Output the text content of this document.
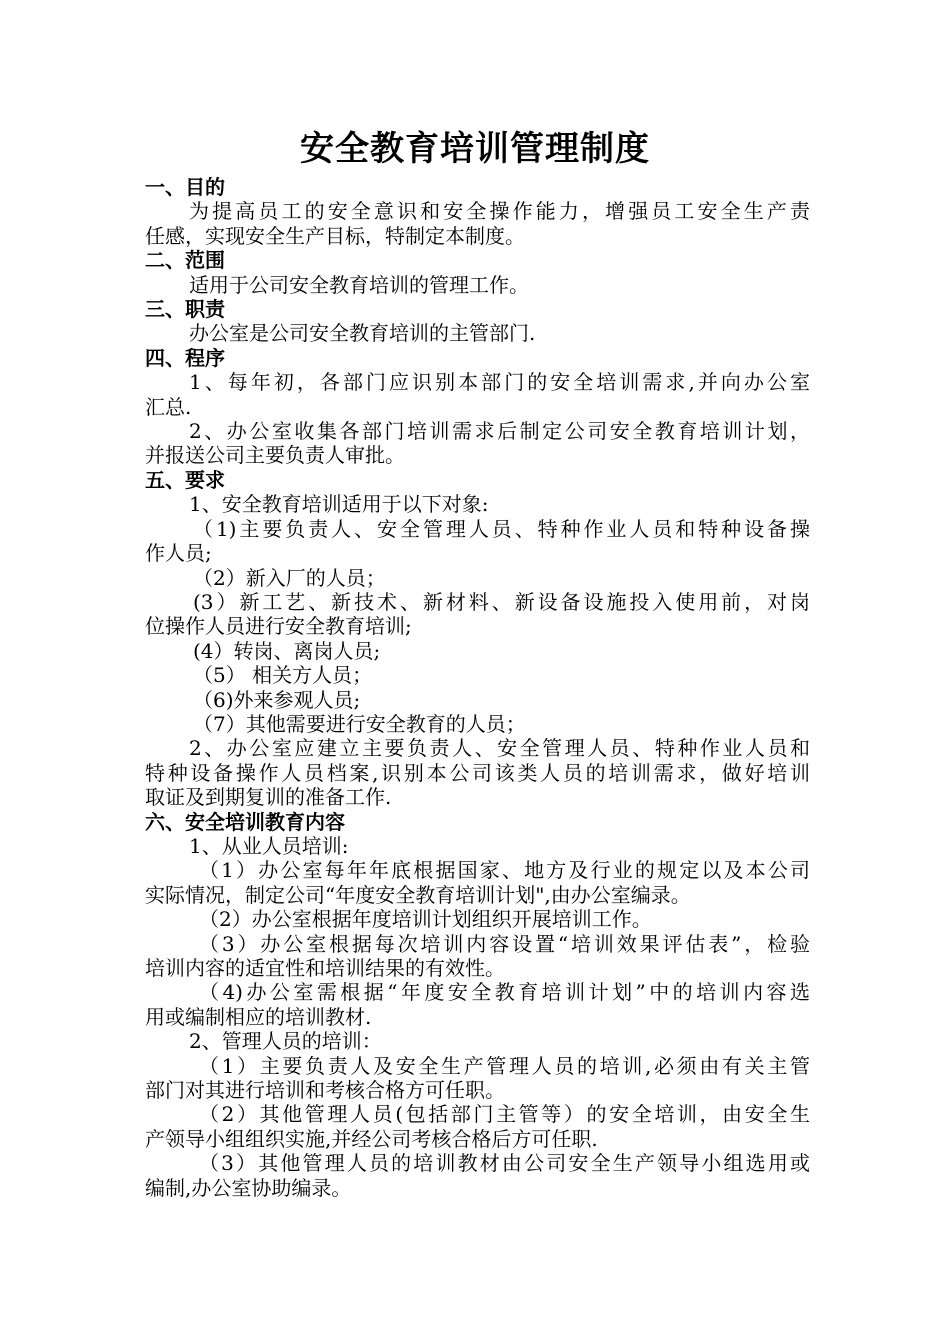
安全教育培训管理制度
一、目的
为提高员工的安全意识和安全操作能力，增强员工安全生产责
任感，实现安全生产目标，特制定本制度。
二、范围
适用于公司安全教育培训的管理工作。
三、职责
办公室是公司安全教育培训的主管部门.
四、程序
1、每年初，各部门应识别本部门的安全培训需求,并向办公室
汇总.
2、办公室收集各部门培训需求后制定公司安全教育培训计划，
并报送公司主要负责人审批。
五、要求
1、安全教育培训适用于以下对象:
（1)主要负责人、安全管理人员、特种作业人员和特种设备操
作人员;
（2）新入厂的人员；
(3）新工艺、新技术、新材料、新设备设施投入使用前，对岗
位操作人员进行安全教育培训;
(4）转岗、离岗人员;
（5） 相关方人员；
（6)外来参观人员;
（7）其他需要进行安全教育的人员；
2、办公室应建立主要负责人、安全管理人员、特种作业人员和
特种设备操作人员档案,识别本公司该类人员的培训需求，做好培训
取证及到期复训的准备工作.
六、安全培训教育内容
1、从业人员培训:
（1）办公室每年年底根据国家、地方及行业的规定以及本公司
实际情况，制定公司“年度安全教育培训计划",由办公室编录。
（2）办公室根据年度培训计划组织开展培训工作。
（3）办公室根据每次培训内容设置“培训效果评估表”，检验
培训内容的适宜性和培训结果的有效性。
（4)办公室需根据“年度安全教育培训计划”中的培训内容选
用或编制相应的培训教材.
2、管理人员的培训：
（1）主要负责人及安全生产管理人员的培训,必须由有关主管
部门对其进行培训和考核合格方可任职。
（2）其他管理人员(包括部门主管等）的安全培训，由安全生
产领导小组组织实施,并经公司考核合格后方可任职.
（3）其他管理人员的培训教材由公司安全生产领导小组选用或
编制,办公室协助编录。
